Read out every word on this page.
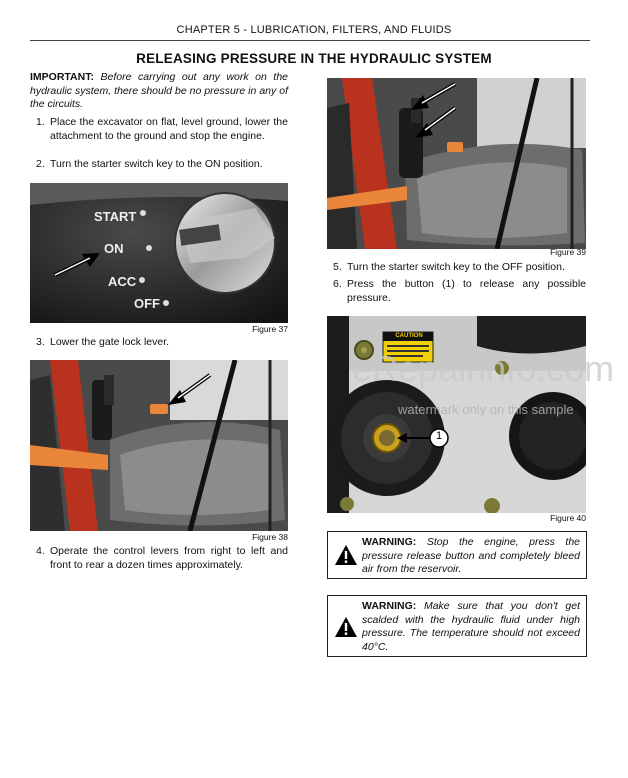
CHAPTER 5 - LUBRICATION, FILTERS, AND FLUIDS
RELEASING PRESSURE IN THE HYDRAULIC SYSTEM
IMPORTANT: Before carrying out any work on the hydraulic system, there should be no pressure in any of the circuits.
1. Place the excavator on flat, level ground, lower the attachment to the ground and stop the engine.
2. Turn the starter switch key to the ON position.
START
ON
ACC
OFF
Figure 37
3. Lower the gate lock lever.
Figure 38
4. Operate the control levers from right to left and front to rear a dozen times approximately.
Figure 39
5. Turn the starter switch key to the OFF position.
6. Press the button (1) to release any possible pressure.
CAUTION
1
Figure 40
eRepairinfo.com
watermark only on this sample
WARNING: Stop the engine, press the pressure release button and completely bleed air from the reservoir.
WARNING: Make sure that you don't get scalded with the hydraulic fluid under high pressure. The temperature should not exceed 40°C.
